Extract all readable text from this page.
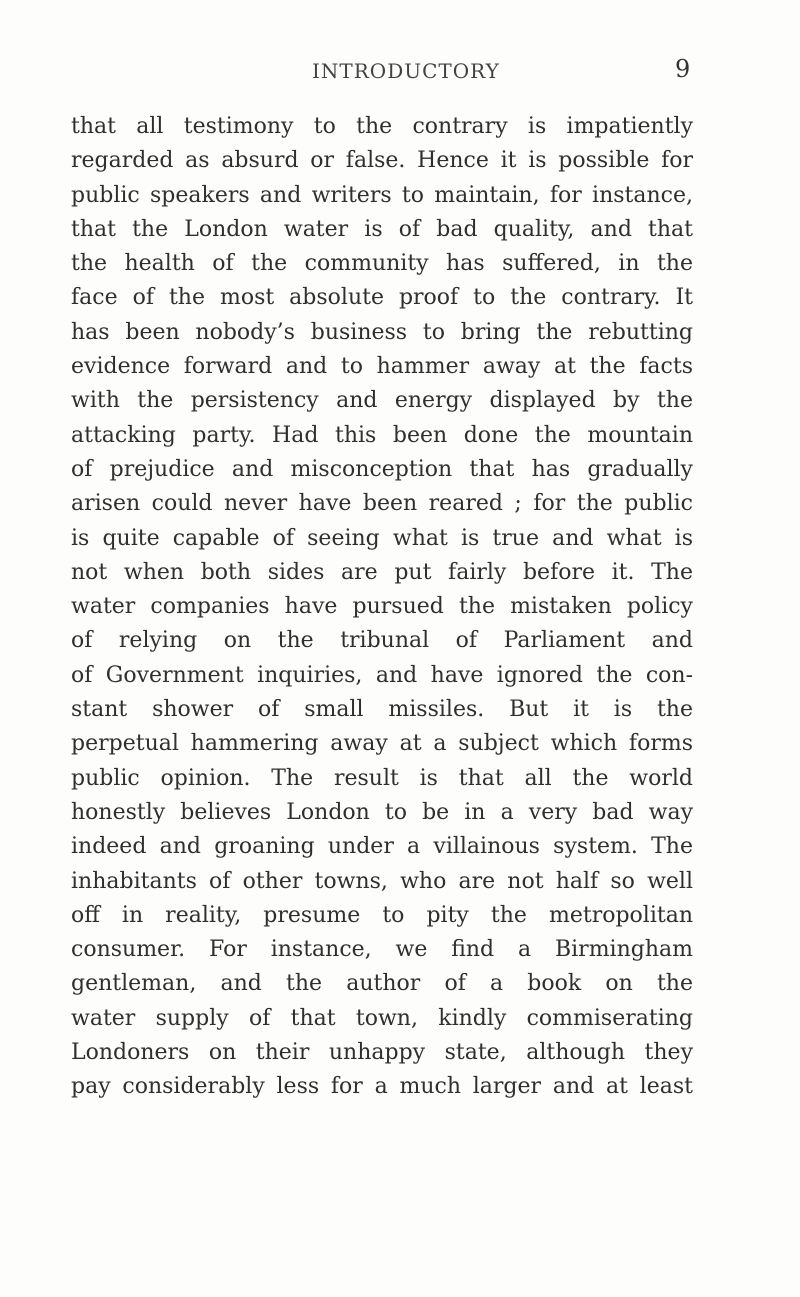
INTRODUCTORY	9

that all testimony to the contrary is impatiently

regarded as absurd or false. Hence it is possible for

public speakers and writers to maintain, for instance,

that the London water is of bad quality, and that

the health of the community has suffered, in the

face of the most absolute proof to the contrary. It

has been nobody’s business to bring the rebutting

evidence forward and to hammer away at the facts

with the persistency and energy displayed by the

attacking party. Had this been done the mountain

of prejudice and misconception that has gradually

arisen could never have been reared ; for the public

is quite capable of seeing what is true and what is

not when both sides are put fairly before it. The

water companies have pursued the mistaken policy

of relying on the tribunal of Parliament and

of Government inquiries, and have ignored the con-

stant shower of small missiles. But it is the

perpetual hammering away at a subject which forms

public opinion. The result is that all the world

honestly believes London to be in a very bad way

indeed and groaning under a villainous system. The

inhabitants of other towns, who are not half so well

off in reality, presume to pity the metropolitan

consumer. For instance, we find a Birmingham

gentleman, and the author of a book on the

water supply of that town, kindly commiserating

Londoners on their unhappy state, although they

pay considerably less for a much larger and at least
